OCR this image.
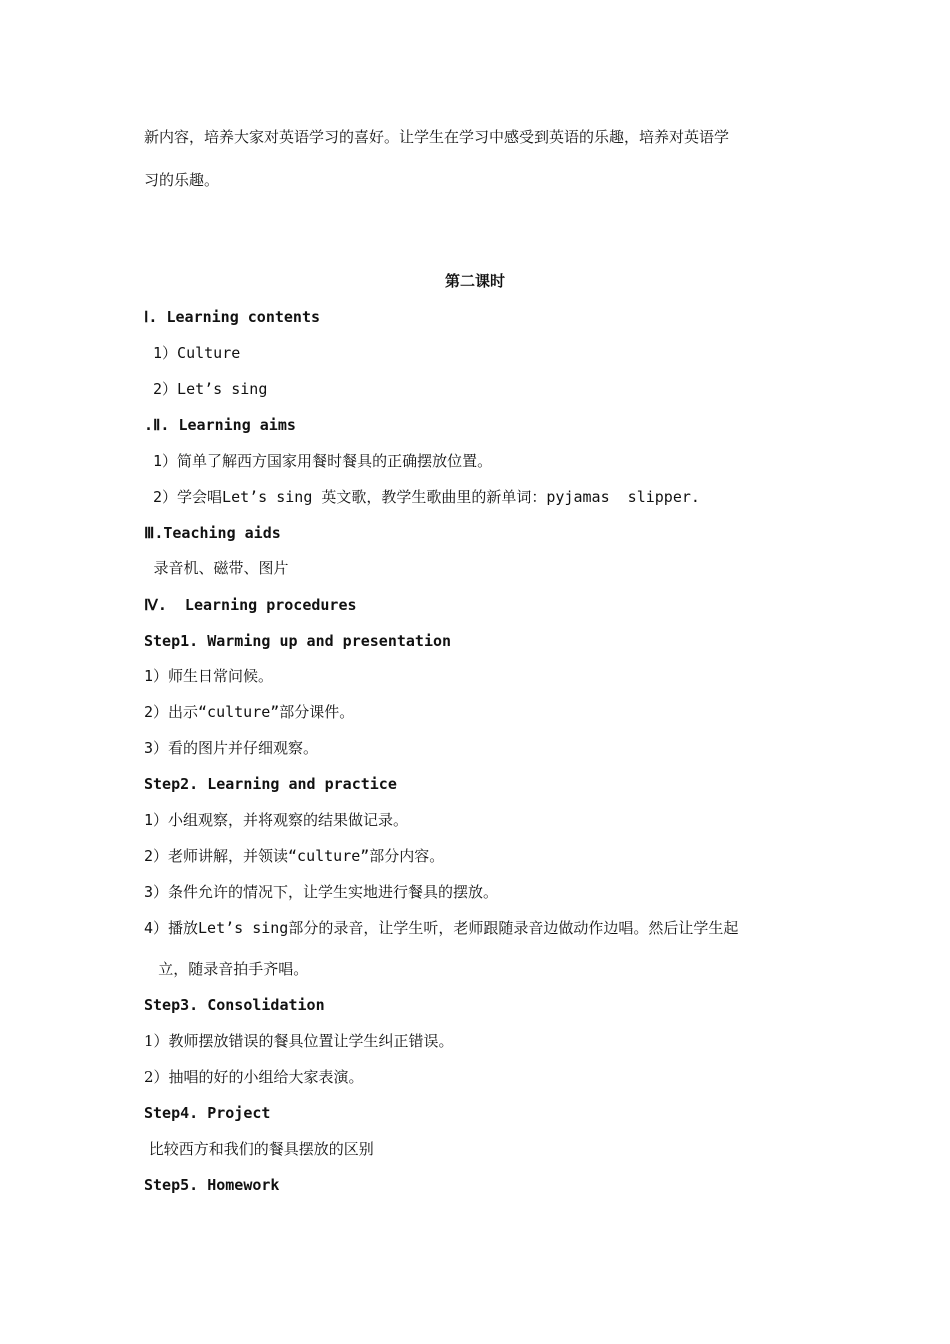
新内容，培养大家对英语学习的喜好。让学生在学习中感受到英语的乐趣，培养对英语学
习的乐趣。
第二课时
Ⅰ. Learning contents
1）Culture
2）Let’s sing
.Ⅱ. Learning aims
1）简单了解西方国家用餐时餐具的正确摆放位置。
2）学会唱Let’s sing 英文歌，教学生歌曲里的新单词：pyjamas  slipper.
Ⅲ.Teaching aids
录音机、磁带、图片
Ⅳ.  Learning procedures
Step1. Warming up and presentation
1）师生日常问候。
2）出示“culture”部分课件。
3）看的图片并仔细观察。
Step2. Learning and practice
1）小组观察，并将观察的结果做记录。
2）老师讲解，并领读“culture”部分内容。
3）条件允许的情况下，让学生实地进行餐具的摆放。
4）播放Let’s sing部分的录音，让学生听，老师跟随录音边做动作边唱。然后让学生起
立，随录音拍手齐唱。
Step3. Consolidation
1）教师摆放错误的餐具位置让学生纠正错误。
2）抽唱的好的小组给大家表演。
Step4. Project
比较西方和我们的餐具摆放的区别
Step5. Homework
